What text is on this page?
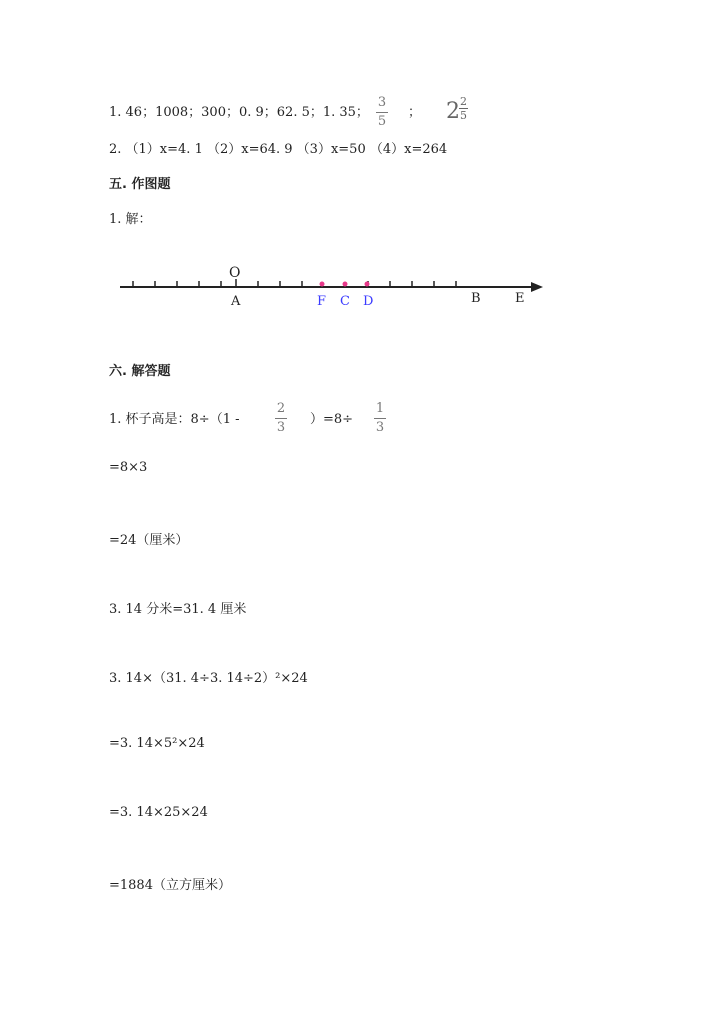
1. 46；1008；300；0. 9；62. 5；1. 35；
3
5
； 2 2
5
2. （1）x=4. 1 （2）x=64. 9 （3）x=50 （4）x=264
五. 作图题
1. 解：
O
A	B	E
F C D
六. 解答题
1. 杯子高是：8÷（1 -
2
3
）=8÷
1
3
=8×3
=24（厘米）
3. 14 分米=31. 4 厘米
3. 14×（31. 4÷3. 14÷2）²×24
=3. 14×5²×24
=3. 14×25×24
=1884（立方厘米）
